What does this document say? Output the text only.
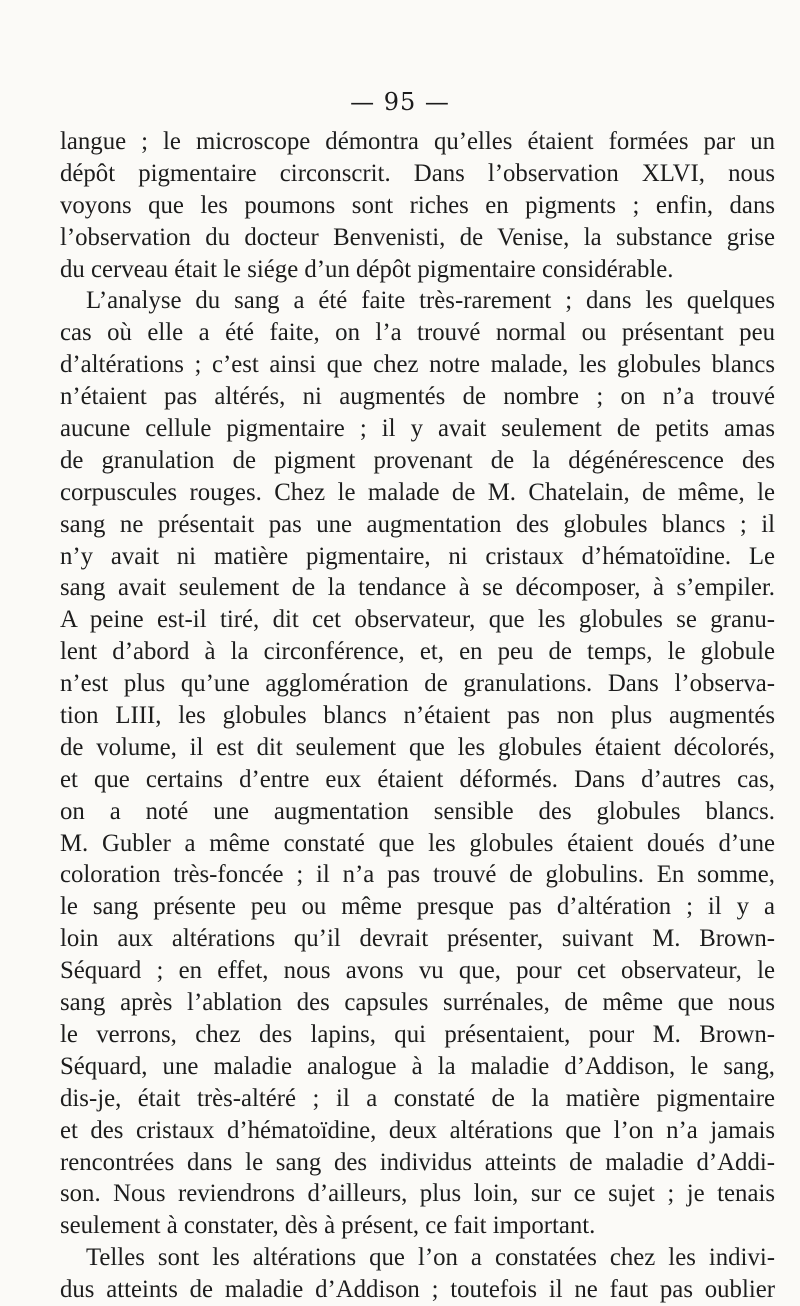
— 95 —
langue ; le microscope démontra qu’elles étaient formées par un
dépôt pigmentaire circonscrit. Dans l’observation XLVI, nous
voyons que les poumons sont riches en pigments ; enfin, dans
l’observation du docteur Benvenisti, de Venise, la substance grise
du cerveau était le siége d’un dépôt pigmentaire considérable.
L’analyse du sang a été faite très-rarement ; dans les quelques
cas où elle a été faite, on l’a trouvé normal ou présentant peu
d’altérations ; c’est ainsi que chez notre malade, les globules blancs
n’étaient pas altérés, ni augmentés de nombre ; on n’a trouvé
aucune cellule pigmentaire ; il y avait seulement de petits amas
de granulation de pigment provenant de la dégénérescence des
corpuscules rouges. Chez le malade de M. Chatelain, de même, le
sang ne présentait pas une augmentation des globules blancs ; il
n’y avait ni matière pigmentaire, ni cristaux d’hématoïdine. Le
sang avait seulement de la tendance à se décomposer, à s’empiler.
A peine est-il tiré, dit cet observateur, que les globules se granu-
lent d’abord à la circonférence, et, en peu de temps, le globule
n’est plus qu’une agglomération de granulations. Dans l’observa-
tion LIII, les globules blancs n’étaient pas non plus augmentés
de volume, il est dit seulement que les globules étaient décolorés,
et que certains d’entre eux étaient déformés. Dans d’autres cas,
on a noté une augmentation sensible des globules blancs.
M. Gubler a même constaté que les globules étaient doués d’une
coloration très-foncée ; il n’a pas trouvé de globulins. En somme,
le sang présente peu ou même presque pas d’altération ; il y a
loin aux altérations qu’il devrait présenter, suivant M. Brown-
Séquard ; en effet, nous avons vu que, pour cet observateur, le
sang après l’ablation des capsules surrénales, de même que nous
le verrons, chez des lapins, qui présentaient, pour M. Brown-
Séquard, une maladie analogue à la maladie d’Addison, le sang,
dis-je, était très-altéré ; il a constaté de la matière pigmentaire
et des cristaux d’hématoïdine, deux altérations que l’on n’a jamais
rencontrées dans le sang des individus atteints de maladie d’Addi-
son. Nous reviendrons d’ailleurs, plus loin, sur ce sujet ; je tenais
seulement à constater, dès à présent, ce fait important.
Telles sont les altérations que l’on a constatées chez les indivi-
dus atteints de maladie d’Addison ; toutefois il ne faut pas oublier
